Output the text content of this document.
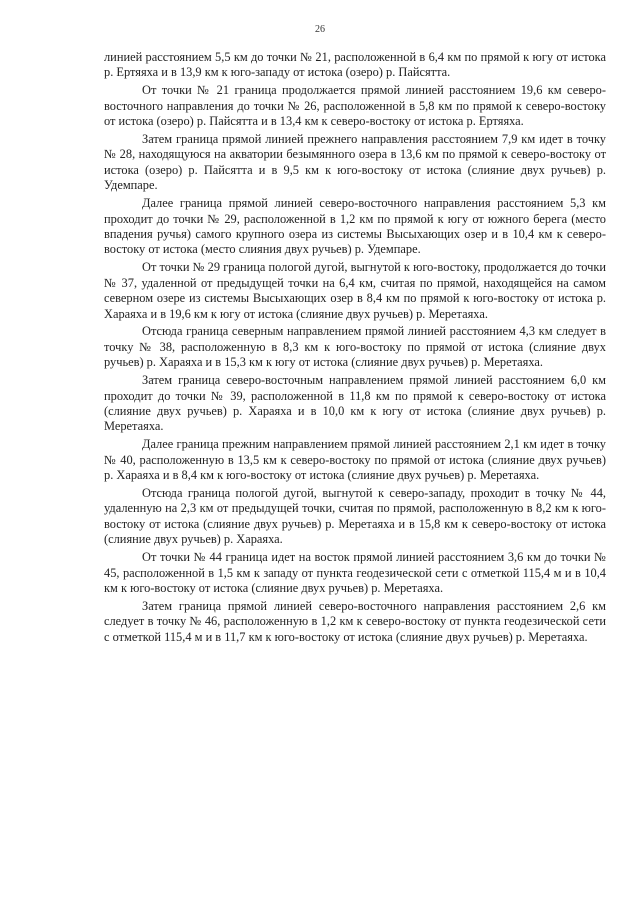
26

линией расстоянием 5,5 км до точки № 21, расположенной в 6,4 км по прямой к югу от истока р. Ертяяха и в 13,9 км к юго-западу от истока (озеро) р. Пайсятта.

От точки № 21 граница продолжается прямой линией расстоянием 19,6 км северо-восточного направления до точки № 26, расположенной в 5,8 км по прямой к северо-востоку от истока (озеро) р. Пайсятта и в 13,4 км к северо-востоку от истока р. Ертяяха.

Затем граница прямой линией прежнего направления расстоянием 7,9 км идет в точку № 28, находящуюся на акватории безымянного озера в 13,6 км по прямой к северо-востоку от истока (озеро) р. Пайсятта и в 9,5 км к юго-востоку от истока (слияние двух ручьев) р. Удемпаре.

Далее граница прямой линией северо-восточного направления расстоянием 5,3 км проходит до точки № 29, расположенной в 1,2 км по прямой к югу от южного берега (место впадения ручья) самого крупного озера из системы Высыхающих озер и в 10,4 км к северо-востоку от истока (место слияния двух ручьев) р. Удемпаре.

От точки № 29 граница пологой дугой, выгнутой к юго-востоку, продолжается до точки № 37, удаленной от предыдущей точки на 6,4 км, считая по прямой, находящейся на самом северном озере из системы Высыхающих озер в 8,4 км по прямой к юго-востоку от истока р. Хараяха и в 19,6 км к югу от истока (слияние двух ручьев) р. Меретаяха.

Отсюда граница северным направлением прямой линией расстоянием 4,3 км следует в точку № 38, расположенную в 8,3 км к юго-востоку по прямой от истока (слияние двух ручьев) р. Хараяха и в 15,3 км к югу от истока (слияние двух ручьев) р. Меретаяха.

Затем граница северо-восточным направлением прямой линией расстоянием 6,0 км проходит до точки № 39, расположенной в 11,8 км по прямой к северо-востоку от истока (слияние двух ручьев) р. Хараяха и в 10,0 км к югу от истока (слияние двух ручьев) р. Меретаяха.

Далее граница прежним направлением прямой линией расстоянием 2,1 км идет в точку № 40, расположенную в 13,5 км к северо-востоку по прямой от истока (слияние двух ручьев) р. Хараяха и в 8,4 км к юго-востоку от истока (слияние двух ручьев) р. Меретаяха.

Отсюда граница пологой дугой, выгнутой к северо-западу, проходит в точку № 44, удаленную на 2,3 км от предыдущей точки, считая по прямой, расположенную в 8,2 км к юго-востоку от истока (слияние двух ручьев) р. Меретаяха и в 15,8 км к северо-востоку от истока (слияние двух ручьев) р. Хараяха.

От точки № 44 граница идет на восток прямой линией расстоянием 3,6 км до точки № 45, расположенной в 1,5 км к западу от пункта геодезической сети с отметкой 115,4 м и в 10,4 км к юго-востоку от истока (слияние двух ручьев) р. Меретаяха.

Затем граница прямой линией северо-восточного направления расстоянием 2,6 км следует в точку № 46, расположенную в 1,2 км к северо-востоку от пункта геодезической сети с отметкой 115,4 м и в 11,7 км к юго-востоку от истока (слияние двух ручьев) р. Меретаяха.
